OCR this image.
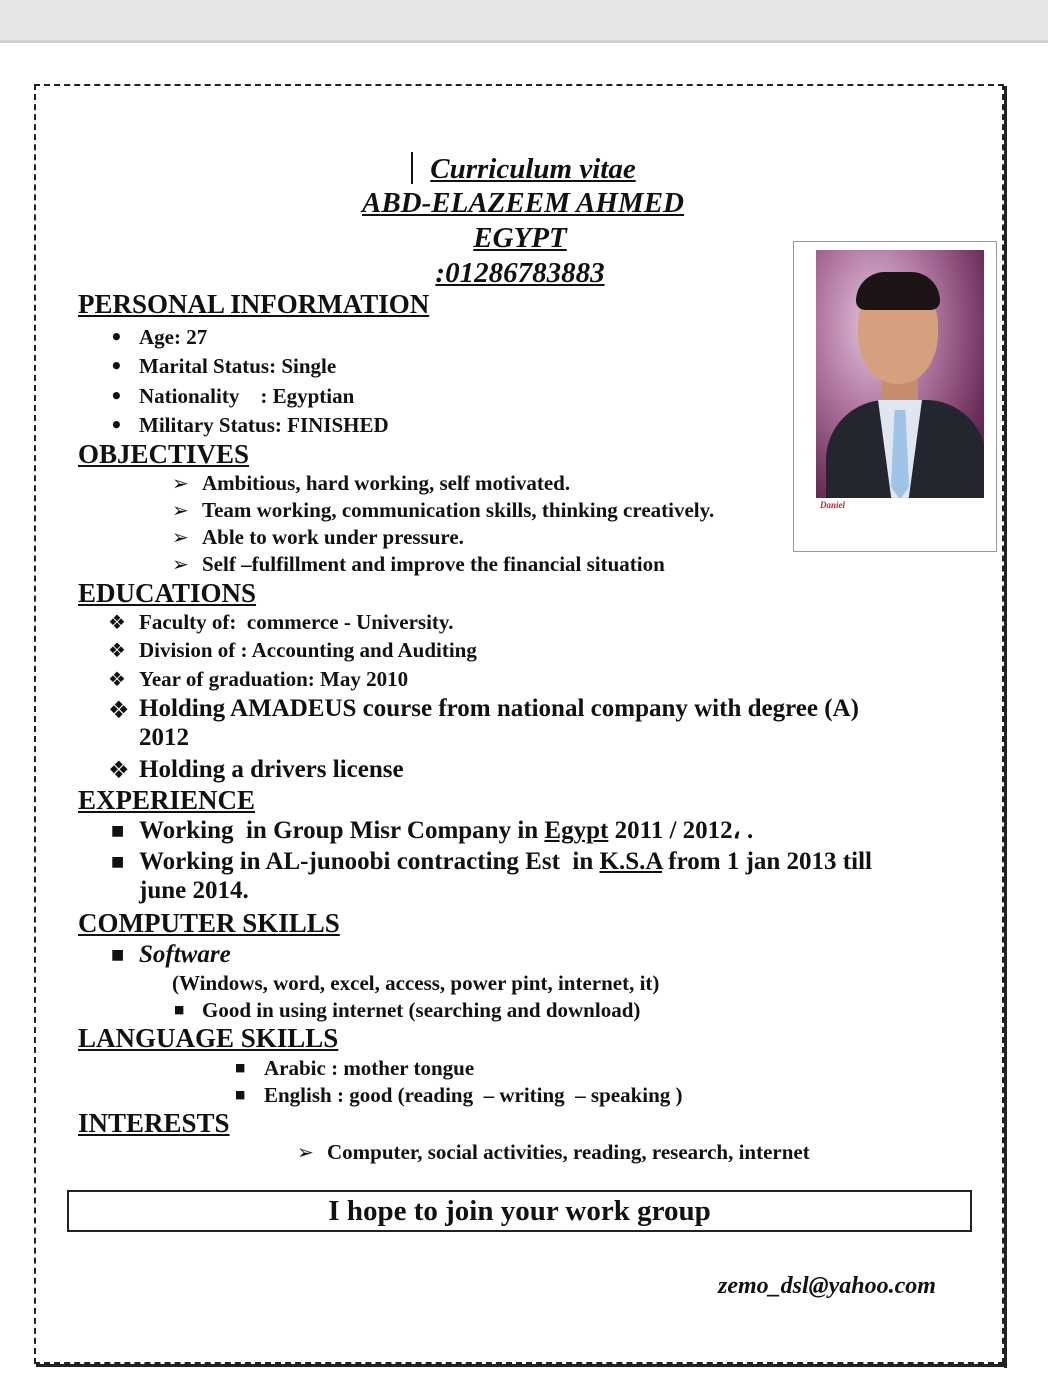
Curriculum vitae
ABD-ELAZEEM AHMED
EGYPT
:01286783883
Daniel
PERSONAL INFORMATION
• Age: 27
• Marital Status: Single
• Nationality    : Egyptian
• Military Status: FINISHED
OBJECTIVES
➢ Ambitious, hard working, self motivated.
➢ Team working, communication skills, thinking creatively.
➢ Able to work under pressure.
➢ Self –fulfillment and improve the financial situation
EDUCATIONS
❖ Faculty of:  commerce - University.
❖ Division of : Accounting and Auditing
❖ Year of graduation: May 2010
❖ Holding AMADEUS course from national company with degree (A)
2012
❖ Holding a drivers license
EXPERIENCE
■ Working  in Group Misr Company in Egypt 2011 / 2012، .
■ Working in AL-junoobi contracting Est  in K.S.A from 1 jan 2013 till
june 2014.
COMPUTER SKILLS
■ Software
(Windows, word, excel, access, power pint, internet, it)
■ Good in using internet (searching and download)
LANGUAGE SKILLS
■ Arabic : mother tongue
■ English : good (reading  – writing  – speaking )
INTERESTS
➢ Computer, social activities, reading, research, internet
I hope to join your work group
zemo_dsl@yahoo.com
